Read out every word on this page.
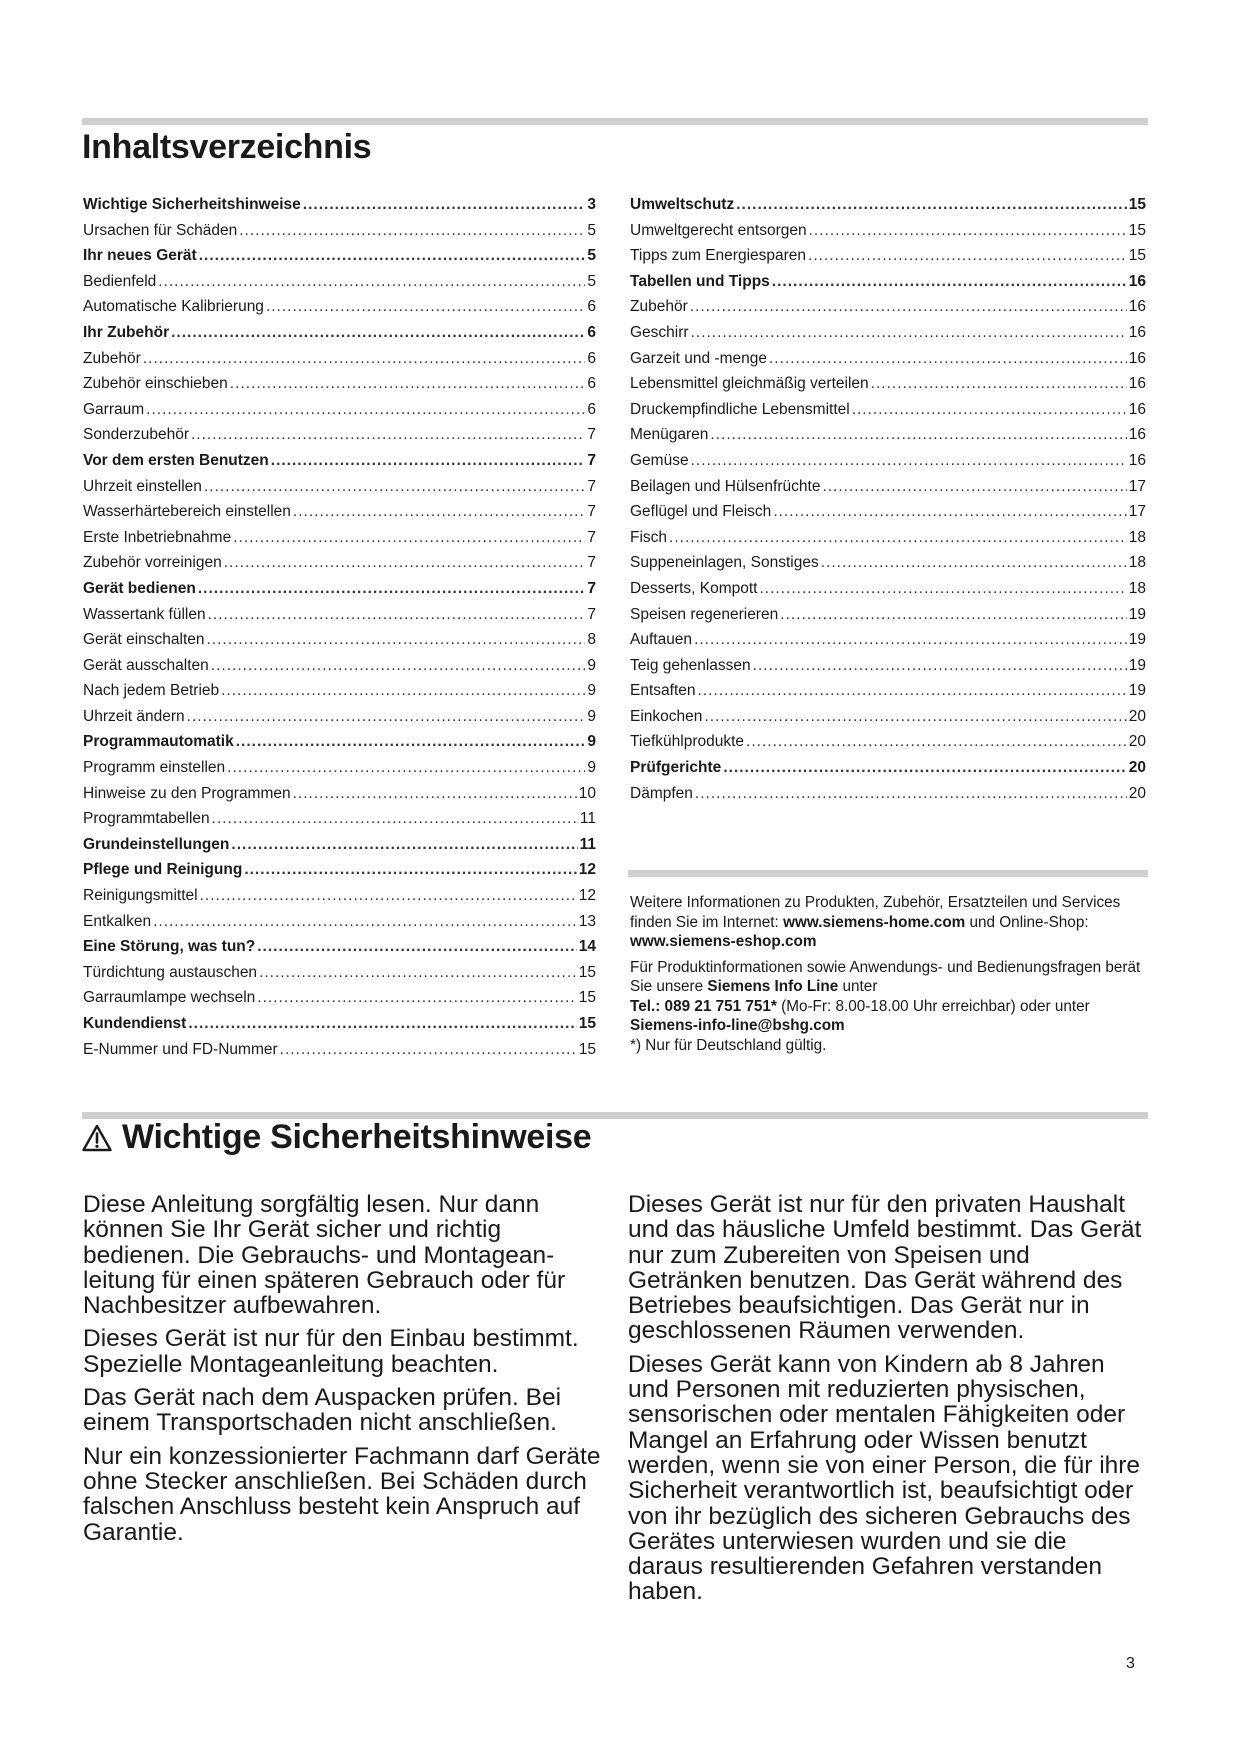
Inhaltsverzeichnis
Wichtige Sicherheitshinweise .....	3
Ursachen für Schäden .....	5
Ihr neues Gerät .....	5
Bedienfeld .....	5
Automatische Kalibrierung .....	6
Ihr Zubehör .....	6
Zubehör .....	6
Zubehör einschieben .....	6
Garraum .....	6
Sonderzubehör .....	7
Vor dem ersten Benutzen .....	7
Uhrzeit einstellen .....	7
Wasserhärtebereich einstellen .....	7
Erste Inbetriebnahme .....	7
Zubehör vorreinigen .....	7
Gerät bedienen .....	7
Wassertank füllen .....	7
Gerät einschalten .....	8
Gerät ausschalten .....	9
Nach jedem Betrieb .....	9
Uhrzeit ändern .....	9
Programmautomatik .....	9
Programm einstellen .....	9
Hinweise zu den Programmen .....	10
Programmtabellen .....	11
Grundeinstellungen .....	11
Pflege und Reinigung .....	12
Reinigungsmittel .....	12
Entkalken .....	13
Eine Störung, was tun? .....	14
Türdichtung austauschen .....	15
Garraumlampe wechseln .....	15
Kundendienst .....	15
E-Nummer und FD-Nummer .....	15
Umweltschutz .....	15
Umweltgerecht entsorgen .....	15
Tipps zum Energiesparen .....	15
Tabellen und Tipps .....	16
Zubehör .....	16
Geschirr .....	16
Garzeit und -menge .....	16
Lebensmittel gleichmäßig verteilen .....	16
Druckempfindliche Lebensmittel .....	16
Menügaren .....	16
Gemüse .....	16
Beilagen und Hülsenfrüchte .....	17
Geflügel und Fleisch .....	17
Fisch .....	18
Suppeneinlagen, Sonstiges .....	18
Desserts, Kompott .....	18
Speisen regenerieren .....	19
Auftauen .....	19
Teig gehenlassen .....	19
Entsaften .....	19
Einkochen .....	20
Tiefkühlprodukte .....	20
Prüfgerichte .....	20
Dämpfen .....	20

Weitere Informationen zu Produkten, Zubehör, Ersatzteilen und Services finden Sie im Internet: www.siemens-home.com und Online-Shop: www.siemens-eshop.com

Für Produktinformationen sowie Anwendungs- und Bedienungsfragen berät Sie unsere Siemens Info Line unter
Tel.: 089 21 751 751* (Mo-Fr: 8.00-18.00 Uhr erreichbar) oder unter Siemens-info-line@bshg.com
*) Nur für Deutschland gültig.

Wichtige Sicherheitshinweise

Diese Anleitung sorgfältig lesen. Nur dann können Sie Ihr Gerät sicher und richtig bedienen. Die Gebrauchs- und Montageanleitung für einen späteren Gebrauch oder für Nachbesitzer aufbewahren.

Dieses Gerät ist nur für den Einbau bestimmt. Spezielle Montageanleitung beachten.

Das Gerät nach dem Auspacken prüfen. Bei einem Transportschaden nicht anschließen.

Nur ein konzessionierter Fachmann darf Geräte ohne Stecker anschließen. Bei Schäden durch falschen Anschluss besteht kein Anspruch auf Garantie.

Dieses Gerät ist nur für den privaten Haushalt und das häusliche Umfeld bestimmt. Das Gerät nur zum Zubereiten von Speisen und Getränken benutzen. Das Gerät während des Betriebes beaufsichtigen. Das Gerät nur in geschlossenen Räumen verwenden.

Dieses Gerät kann von Kindern ab 8 Jahren und Personen mit reduzierten physischen, sensorischen oder mentalen Fähigkeiten oder Mangel an Erfahrung oder Wissen benutzt werden, wenn sie von einer Person, die für ihre Sicherheit verantwortlich ist, beaufsichtigt oder von ihr bezüglich des sicheren Gebrauchs des Gerätes unterwiesen wurden und sie die daraus resultierenden Gefahren verstanden haben.

3
